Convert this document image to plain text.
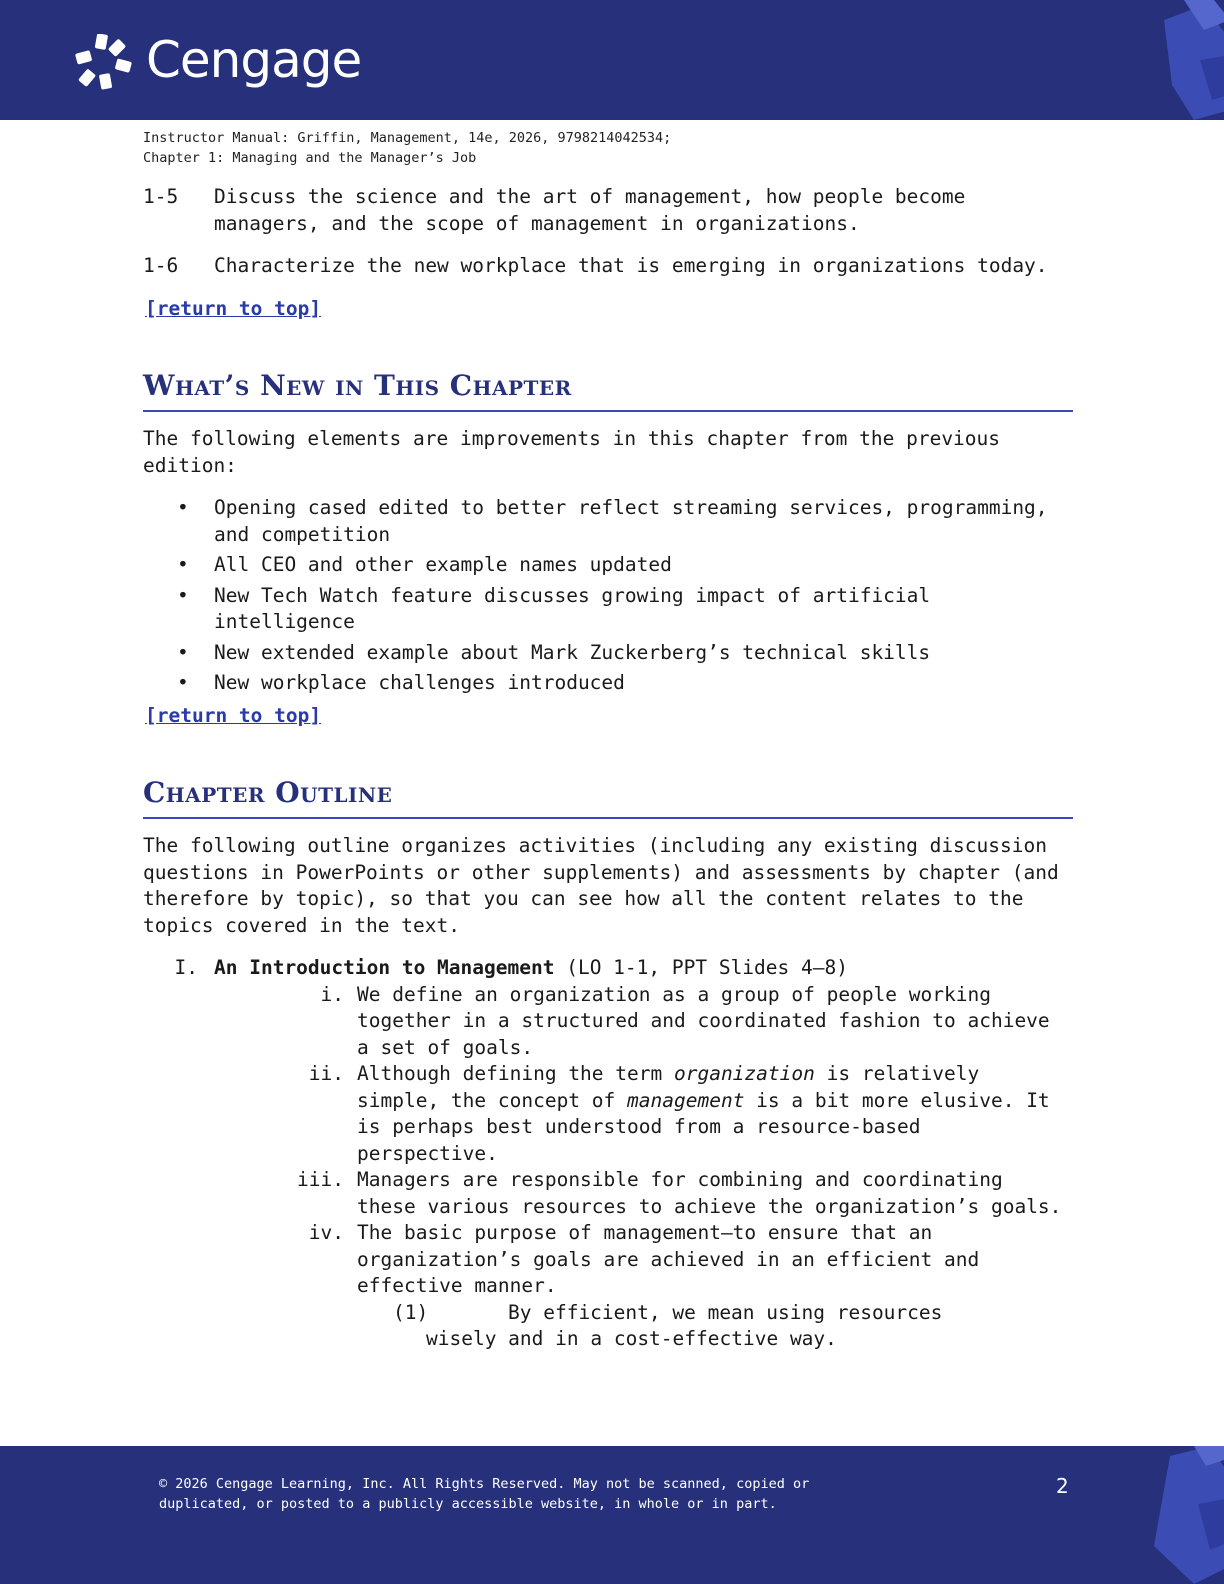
Cengage
Instructor Manual: Griffin, Management, 14e, 2026, 9798214042534;
Chapter 1: Managing and the Manager’s Job
1-5	Discuss the science and the art of management, how people become managers, and the scope of management in organizations.
1-6	Characterize the new workplace that is emerging in organizations today.
[return to top]
What’s New in This Chapter
The following elements are improvements in this chapter from the previous edition:
•	Opening cased edited to better reflect streaming services, programming, and competition
•	All CEO and other example names updated
•	New Tech Watch feature discusses growing impact of artificial intelligence
•	New extended example about Mark Zuckerberg’s technical skills
•	New workplace challenges introduced
[return to top]
Chapter Outline
The following outline organizes activities (including any existing discussion questions in PowerPoints or other supplements) and assessments by chapter (and therefore by topic), so that you can see how all the content relates to the topics covered in the text.
I. An Introduction to Management (LO 1-1, PPT Slides 4–8)
i. We define an organization as a group of people working together in a structured and coordinated fashion to achieve a set of goals.
ii. Although defining the term organization is relatively simple, the concept of management is a bit more elusive. It is perhaps best understood from a resource-based perspective.
iii. Managers are responsible for combining and coordinating these various resources to achieve the organization’s goals.
iv. The basic purpose of management—to ensure that an organization’s goals are achieved in an efficient and effective manner.
(1)	By efficient, we mean using resources
wisely and in a cost-effective way.
© 2026 Cengage Learning, Inc. All Rights Reserved. May not be scanned, copied or
duplicated, or posted to a publicly accessible website, in whole or in part.
2
